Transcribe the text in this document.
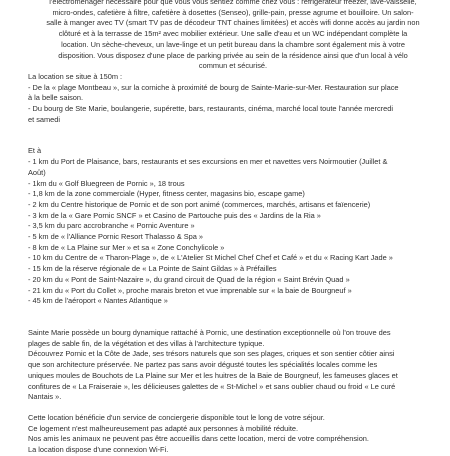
l'électroménager nécessaire pour que vous vous sentiez comme chez vous : réfrigérateur freezer, lave-vaisselle,
micro-ondes, cafetière à filtre, cafetière à dosettes (Senseo), grille-pain, presse agrume et bouilloire. Un salon-
salle à manger avec TV (smart TV pas de décodeur TNT chaines limitées) et accès wifi donne accès au jardin non
clôturé et à la terrasse de 15m² avec mobilier extérieur. Une salle d'eau et un WC indépendant complète la
location. Un sèche-cheveux, un lave-linge et un petit bureau dans la chambre sont également mis à votre
disposition. Vous disposez d'une place de parking privée au sein de la résidence ainsi que d'un local à vélo
commun et sécurisé.
La location se situe à 150m :
- De la « plage Montbeau », sur la corniche à proximité de bourg de Sainte-Marie-sur-Mer. Restauration sur place
à la belle saison.
- Du bourg de Ste Marie, boulangerie, supérette, bars, restaurants, cinéma, marché local toute l'année mercredi
et samedi
Et à
- 1 km du Port de Plaisance, bars, restaurants et ses excursions en mer et navettes vers Noirmoutier (Juillet &
Août)
- 1km du « Golf Bluegreen de Pornic », 18 trous
- 1,8 km de la zone commerciale (Hyper, fitness center, magasins bio, escape game)
- 2 km du Centre historique de Pornic et de son port animé (commerces, marchés, artisans et faïencerie)
- 3 km de la « Gare Pornic SNCF » et Casino de Partouche puis des « Jardins de la Ria »
- 3,5 km du parc accrobranche « Pornic Aventure »
- 5 km de « l'Alliance Pornic Resort Thalasso & Spa »
- 8 km de « La Plaine sur Mer » et sa « Zone Conchylicole »
- 10 km du Centre de « Tharon-Plage », de « L'Atelier St Michel Chef Chef et Café » et du « Racing Kart Jade »
- 15 km de la réserve régionale de « La Pointe de Saint Gildas » à Préfailles
- 20 km du « Pont de Saint-Nazaire », du grand circuit de Quad de la région « Saint Brévin Quad »
- 21 km du « Port du Collet », proche marais breton et vue imprenable sur « la baie de Bourgneuf »
- 45 km de l'aéroport « Nantes Atlantique »
Sainte Marie possède un bourg dynamique rattaché à Pornic, une destination exceptionnelle où l'on trouve des
plages de sable fin, de la végétation et des villas à l'architecture typique.
Découvrez Pornic et la Côte de Jade, ses trésors naturels que son ses plages, criques et son sentier côtier ainsi
que son architecture préservée. Ne partez pas sans avoir dégusté toutes les spécialités locales comme les
uniques moules de Bouchots de La Plaine sur Mer et les huitres de la Baie de Bourgneuf, les fameuses glaces et
confitures de « La Fraiseraie », les délicieuses galettes de « St-Michel » et sans oublier chaud ou froid « Le curé
Nantais ».
Cette location bénéficie d'un service de conciergerie disponible tout le long de votre séjour.
Ce logement n'est malheureusement pas adapté aux personnes à mobilité réduite.
Nos amis les animaux ne peuvent pas être accueillis dans cette location, merci de votre compréhension.
La location dispose d'une connexion Wi-Fi.
